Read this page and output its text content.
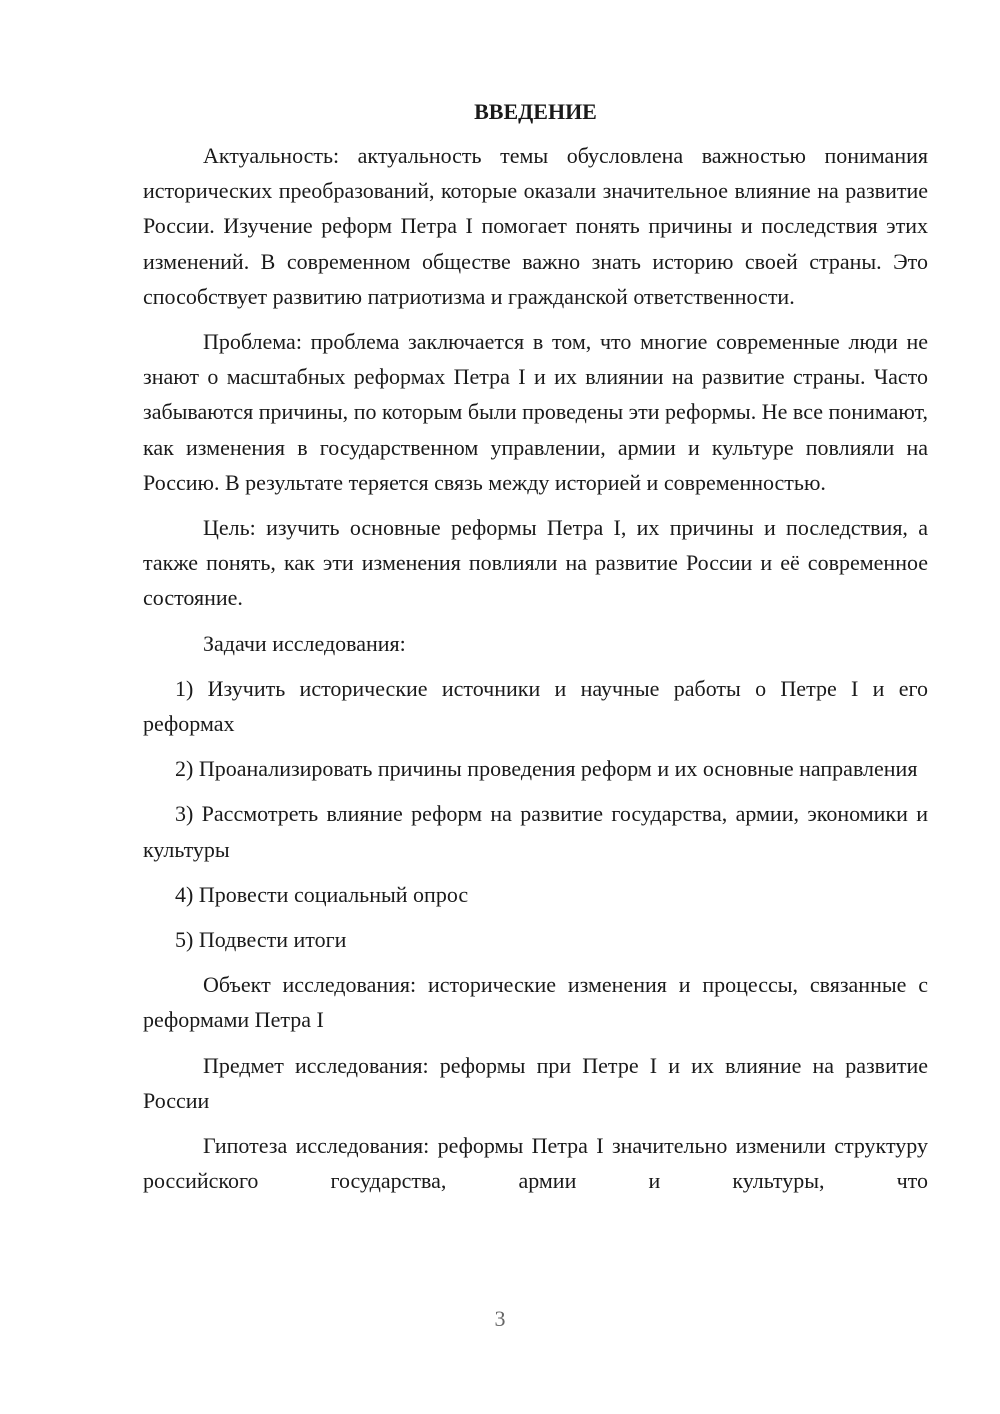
ВВЕДЕНИЕ

Актуальность: актуальность темы обусловлена важностью понимания исторических преобразований, которые оказали значительное влияние на развитие России. Изучение реформ Петра I помогает понять причины и последствия этих изменений. В современном обществе важно знать историю своей страны. Это способствует развитию патриотизма и гражданской ответственности.

Проблема: проблема заключается в том, что многие современные люди не знают о масштабных реформах Петра I и их влиянии на развитие страны. Часто забываются причины, по которым были проведены эти реформы. Не все понимают, как изменения в государственном управлении, армии и культуре повлияли на Россию. В результате теряется связь между историей и современностью.

Цель: изучить основные реформы Петра I, их причины и последствия, а также понять, как эти изменения повлияли на развитие России и её современное состояние.

Задачи исследования:

1) Изучить исторические источники и научные работы о Петре I и его реформах

2) Проанализировать причины проведения реформ и их основные направления

3) Рассмотреть влияние реформ на развитие государства, армии, экономики и культуры

4) Провести социальный опрос

5) Подвести итоги

Объект исследования: исторические изменения и процессы, связанные с реформами Петра I

Предмет исследования: реформы при Петре I и их влияние на развитие России

Гипотеза исследования: реформы Петра I значительно изменили структуру российского государства, армии и культуры, что

3
